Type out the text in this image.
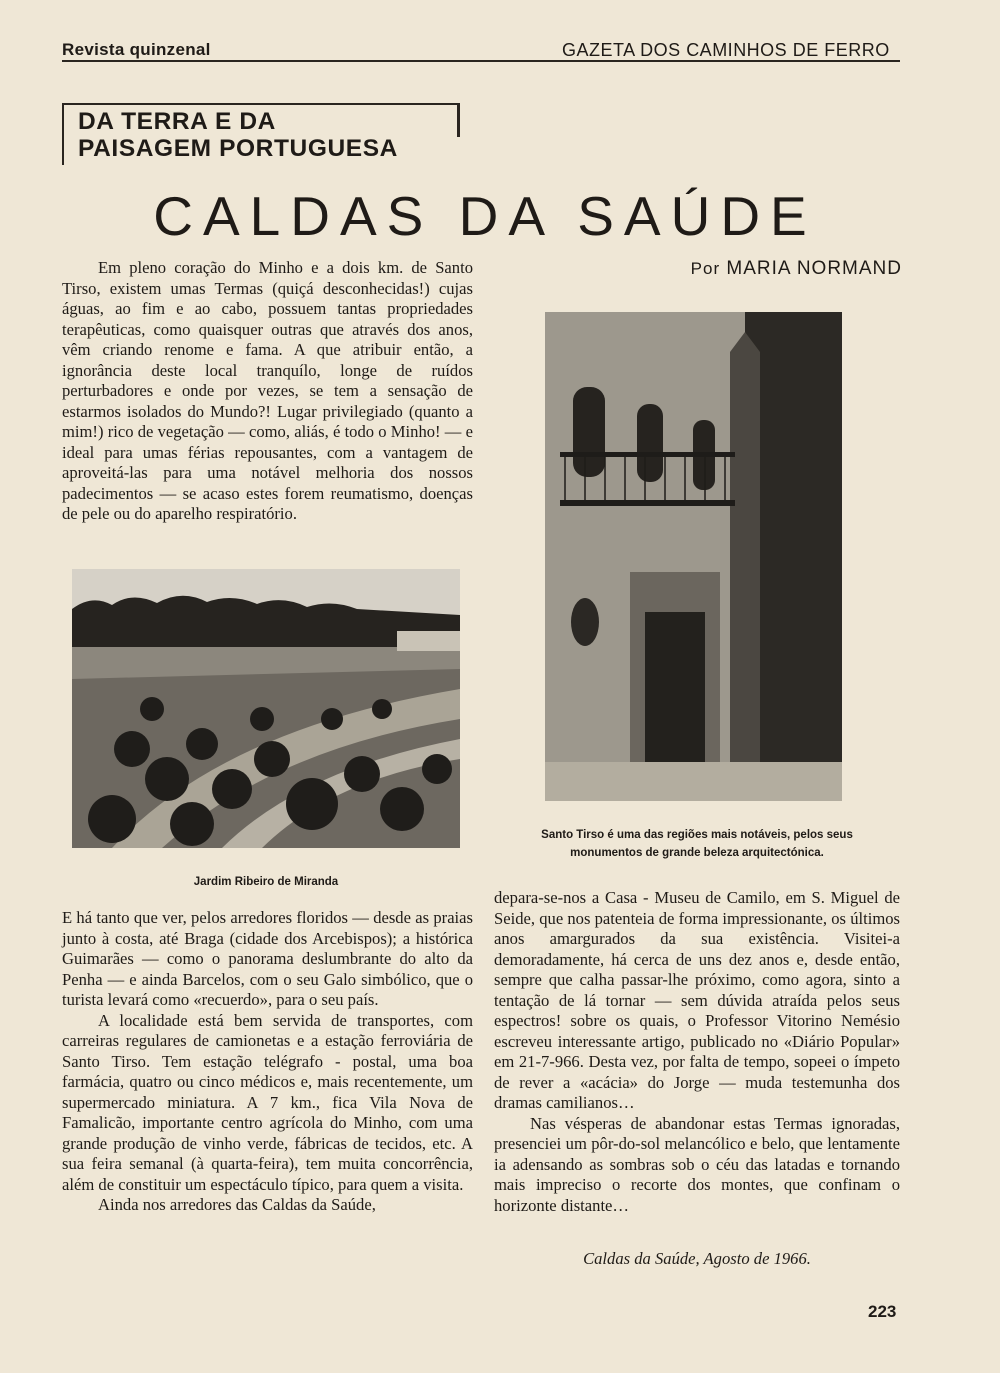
Revista quinzenal	GAZETA DOS CAMINHOS DE FERRO
DA TERRA E DA
PAISAGEM PORTUGUESA
CALDAS DA SAÚDE
Por MARIA NORMAND

Em pleno coração do Minho e a dois km. de Santo Tirso, existem umas Termas (quiçá desconhecidas!) cujas águas, ao fim e ao cabo, possuem tantas propriedades terapêuticas, como quaisquer outras que através dos anos, vêm criando renome e fama. A que atribuir então, a ignorância deste local tranquílo, longe de ruídos perturbadores e onde por vezes, se tem a sensação de estarmos isolados do Mundo?! Lugar privilegiado (quanto a mim!) rico de vegetação — como, aliás, é todo o Minho! — e ideal para umas férias repousantes, com a vantagem de aproveitá-las para uma notável melhoria dos nossos padecimentos — se acaso estes forem reumatismo, doenças de pele ou do aparelho respiratório.

Jardim Ribeiro de Miranda
Santo Tirso é uma das regiões mais notáveis, pelos seus
monumentos de grande beleza arquitectónica.

E há tanto que ver, pelos arredores floridos — desde as praias junto à costa, até Braga (cidade dos Arcebispos); a histórica Guimarães — como o panorama deslumbrante do alto da Penha — e ainda Barcelos, com o seu Galo simbólico, que o turista levará como «recuerdo», para o seu país.

A localidade está bem servida de transportes, com carreiras regulares de camionetas e a estação ferroviária de Santo Tirso. Tem estação telégrafo - postal, uma boa farmácia, quatro ou cinco médicos e, mais recentemente, um supermercado miniatura. A 7 km., fica Vila Nova de Famalicão, importante centro agrícola do Minho, com uma grande produção de vinho verde, fábricas de tecidos, etc. A sua feira semanal (à quarta-feira), tem muita concorrência, além de constituir um espectáculo típico, para quem a visita.

Ainda nos arredores das Caldas da Saúde,

depara-se-nos a Casa - Museu de Camilo, em S. Miguel de Seide, que nos patenteia de forma impressionante, os últimos anos amargurados da sua existência. Visitei-a demoradamente, há cerca de uns dez anos e, desde então, sempre que calha passar-lhe próximo, como agora, sinto a tentação de lá tornar — sem dúvida atraída pelos seus espectros! sobre os quais, o Professor Vitorino Nemésio escreveu interessante artigo, publicado no «Diário Popular» em 21-7-966. Desta vez, por falta de tempo, sopeei o ímpeto de rever a «acácia» do Jorge — muda testemunha dos dramas camilianos…

Nas vésperas de abandonar estas Termas ignoradas, presenciei um pôr-do-sol melancólico e belo, que lentamente ia adensando as sombras sob o céu das latadas e tornando mais impreciso o recorte dos montes, que confinam o horizonte distante…

Caldas da Saúde, Agosto de 1966.
223
